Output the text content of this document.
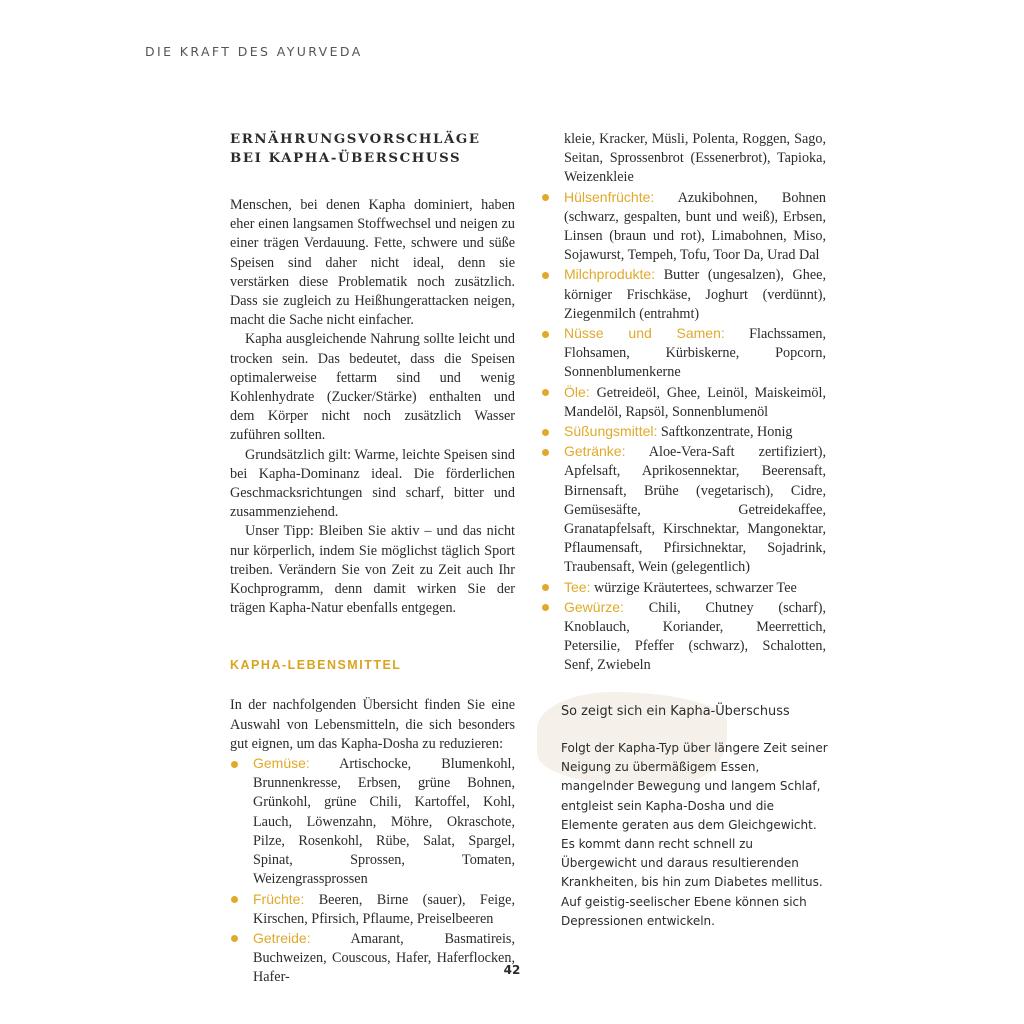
DIE KRAFT DES AYURVEDA
ERNÄHRUNGSVORSCHLÄGE
BEI KAPHA-ÜBERSCHUSS

Menschen, bei denen Kapha dominiert, haben eher einen langsamen Stoffwechsel und neigen zu einer trägen Verdauung. Fette, schwere und süße Speisen sind daher nicht ideal, denn sie verstärken diese Problematik noch zusätzlich. Dass sie zugleich zu Heißhungerattacken neigen, macht die Sache nicht einfacher.

Kapha ausgleichende Nahrung sollte leicht und trocken sein. Das bedeutet, dass die Speisen optimalerweise fettarm sind und wenig Kohlenhydrate (Zucker/Stärke) enthalten und dem Körper nicht noch zusätzlich Wasser zuführen sollten.

Grundsätzlich gilt: Warme, leichte Speisen sind bei Kapha-Dominanz ideal. Die förderlichen Geschmacksrichtungen sind scharf, bitter und zusammenziehend.

Unser Tipp: Bleiben Sie aktiv – und das nicht nur körperlich, indem Sie möglichst täglich Sport treiben. Verändern Sie von Zeit zu Zeit auch Ihr Kochprogramm, denn damit wirken Sie der trägen Kapha-Natur ebenfalls entgegen.

KAPHA-LEBENSMITTEL

In der nachfolgenden Übersicht finden Sie eine Auswahl von Lebensmitteln, die sich besonders gut eignen, um das Kapha-Dosha zu reduzieren:

Gemüse: Artischocke, Blumenkohl, Brunnenkresse, Erbsen, grüne Bohnen, Grünkohl, grüne Chili, Kartoffel, Kohl, Lauch, Löwenzahn, Möhre, Okraschote, Pilze, Rosenkohl, Rübe, Salat, Spargel, Spinat, Sprossen, Tomaten, Weizengrassprossen
Früchte: Beeren, Birne (sauer), Feige, Kirschen, Pfirsich, Pflaume, Preiselbeeren
Getreide:	Amarant, Basmatireis, Buchweizen, Couscous, Hafer, Haferflocken, Hafer-
kleie, Kracker, Müsli, Polenta, Roggen, Sago, Seitan, Sprossenbrot (Essenerbrot), Tapioka, Weizenkleie
Hülsenfrüchte: Azukibohnen, Bohnen (schwarz, gespalten, bunt und weiß), Erbsen, Linsen (braun und rot), Limabohnen, Miso, Sojawurst, Tempeh, Tofu, Toor Da, Urad Dal
Milchprodukte: Butter (ungesalzen), Ghee, körniger Frischkäse, Joghurt (verdünnt), Ziegenmilch (entrahmt)
Nüsse und Samen: Flachssamen, Flohsamen, Kürbiskerne, Popcorn, Sonnenblumenkerne
Öle: Getreideöl, Ghee, Leinöl, Maiskeimöl, Mandelöl, Rapsöl, Sonnenblumenöl
Süßungsmittel: Saftkonzentrate, Honig
Getränke: Aloe-Vera-Saft zertifiziert), Apfelsaft, Aprikosennektar, Beerensaft, Birnensaft, Brühe (vegetarisch), Cidre, Gemüsesäfte, Getreidekaffee, Granatapfelsaft, Kirschnektar, Mangonektar, Pflaumensaft, Pfirsichnektar, Sojadrink, Traubensaft, Wein (gelegentlich)
Tee: würzige Kräutertees, schwarzer Tee
Gewürze: Chili, Chutney (scharf), Knoblauch, Koriander, Meerrettich, Petersilie, Pfeffer (schwarz), Schalotten, Senf, Zwiebeln
So zeigt sich ein Kapha-Überschuss
Folgt der Kapha-Typ über längere Zeit seiner Neigung zu übermäßigem Essen, mangelnder Bewegung und langem Schlaf, entgleist sein Kapha-Dosha und die Elemente geraten aus dem Gleichgewicht. Es kommt dann recht schnell zu Übergewicht und daraus resultierenden Krankheiten, bis hin zum Diabetes mellitus. Auf geistig-seelischer Ebene können sich Depressionen entwickeln.
42
